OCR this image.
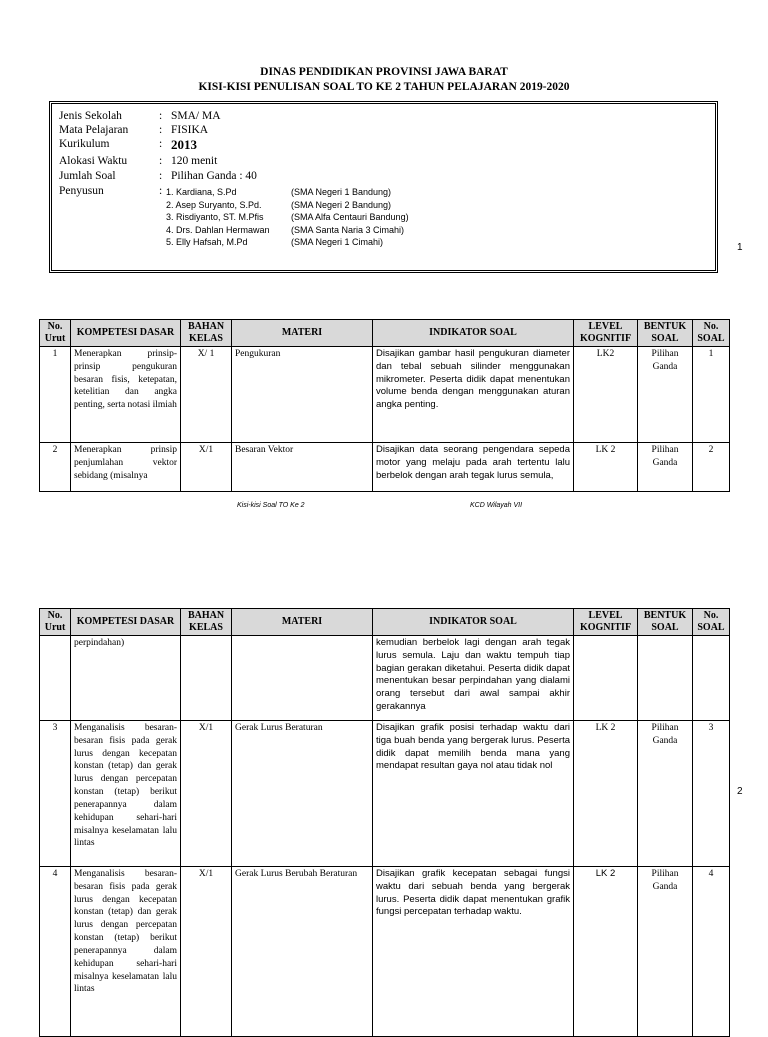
DINAS PENDIDIKAN PROVINSI JAWA BARAT
KISI-KISI PENULISAN SOAL TO KE 2 TAHUN PELAJARAN 2019-2020
Jenis Sekolah	: SMA/ MA
Mata Pelajaran	: FISIKA
Kurikulum	: 2013
Alokasi Waktu	: 120 menit
Jumlah Soal	: Pilihan Ganda : 40
Penyusun	: 1. Kardiana, S.Pd	(SMA Negeri 1 Bandung)
2. Asep Suryanto, S.Pd.	(SMA Negeri 2 Bandung)
3. Risdiyanto, ST. M.Pfis	(SMA Alfa Centauri Bandung)
4. Drs. Dahlan Hermawan (SMA Santa Naria 3 Cimahi)
5. Elly Hafsah, M.Pd	(SMA Negeri 1 Cimahi)	1
No. Urut	KOMPETESI DASAR	BAHAN KELAS	MATERI	INDIKATOR SOAL	LEVEL KOGNITIF	BENTUK SOAL	No. SOAL
1	Menerapkan prinsip-prinsip pengukuran besaran fisis, ketepatan, ketelitian dan angka penting, serta notasi ilmiah	X/ 1	Pengukuran	Disajikan gambar hasil pengukuran diameter dan tebal sebuah silinder menggunakan mikrometer. Peserta didik dapat menentukan volume benda dengan menggunakan aturan angka penting.	LK2	Pilihan Ganda	1
2	Menerapkan prinsip penjumlahan vektor sebidang (misalnya	X/1	Besaran Vektor	Disajikan data seorang pengendara sepeda motor yang melaju pada arah tertentu lalu berbelok dengan arah tegak lurus semula,	LK 2	Pilihan Ganda	2
Kisi-kisi Soal TO Ke 2	KCD Wilayah VII
2
No. Urut	KOMPETESI DASAR	BAHAN KELAS	MATERI	INDIKATOR SOAL	LEVEL KOGNITIF	BENTUK SOAL	No. SOAL
	perpindahan)			kemudian berbelok lagi dengan arah tegak lurus semula. Laju dan waktu tempuh tiap bagian gerakan diketahui. Peserta didik dapat menentukan besar perpindahan yang dialami orang tersebut dari awal sampai akhir gerakannya			
3	Menganalisis besaran-besaran fisis pada gerak lurus dengan kecepatan konstan (tetap) dan gerak lurus dengan percepatan konstan (tetap) berikut penerapannya dalam kehidupan sehari-hari misalnya keselamatan lalu lintas	X/1	Gerak Lurus Beraturan	Disajikan grafik posisi terhadap waktu dari tiga buah benda yang bergerak lurus. Peserta didik dapat memilih benda mana yang mendapat resultan gaya nol atau tidak nol	LK 2	Pilihan Ganda	3
4	Menganalisis besaran-besaran fisis pada gerak lurus dengan kecepatan konstan (tetap) dan gerak lurus dengan percepatan konstan (tetap) berikut penerapannya dalam kehidupan sehari-hari misalnya keselamatan lalu lintas	X/1	Gerak Lurus Berubah Beraturan	Disajikan grafik kecepatan sebagai fungsi waktu dari sebuah benda yang bergerak lurus. Peserta didik dapat menentukan grafik fungsi percepatan terhadap waktu.	LK 2	Pilihan Ganda	4
